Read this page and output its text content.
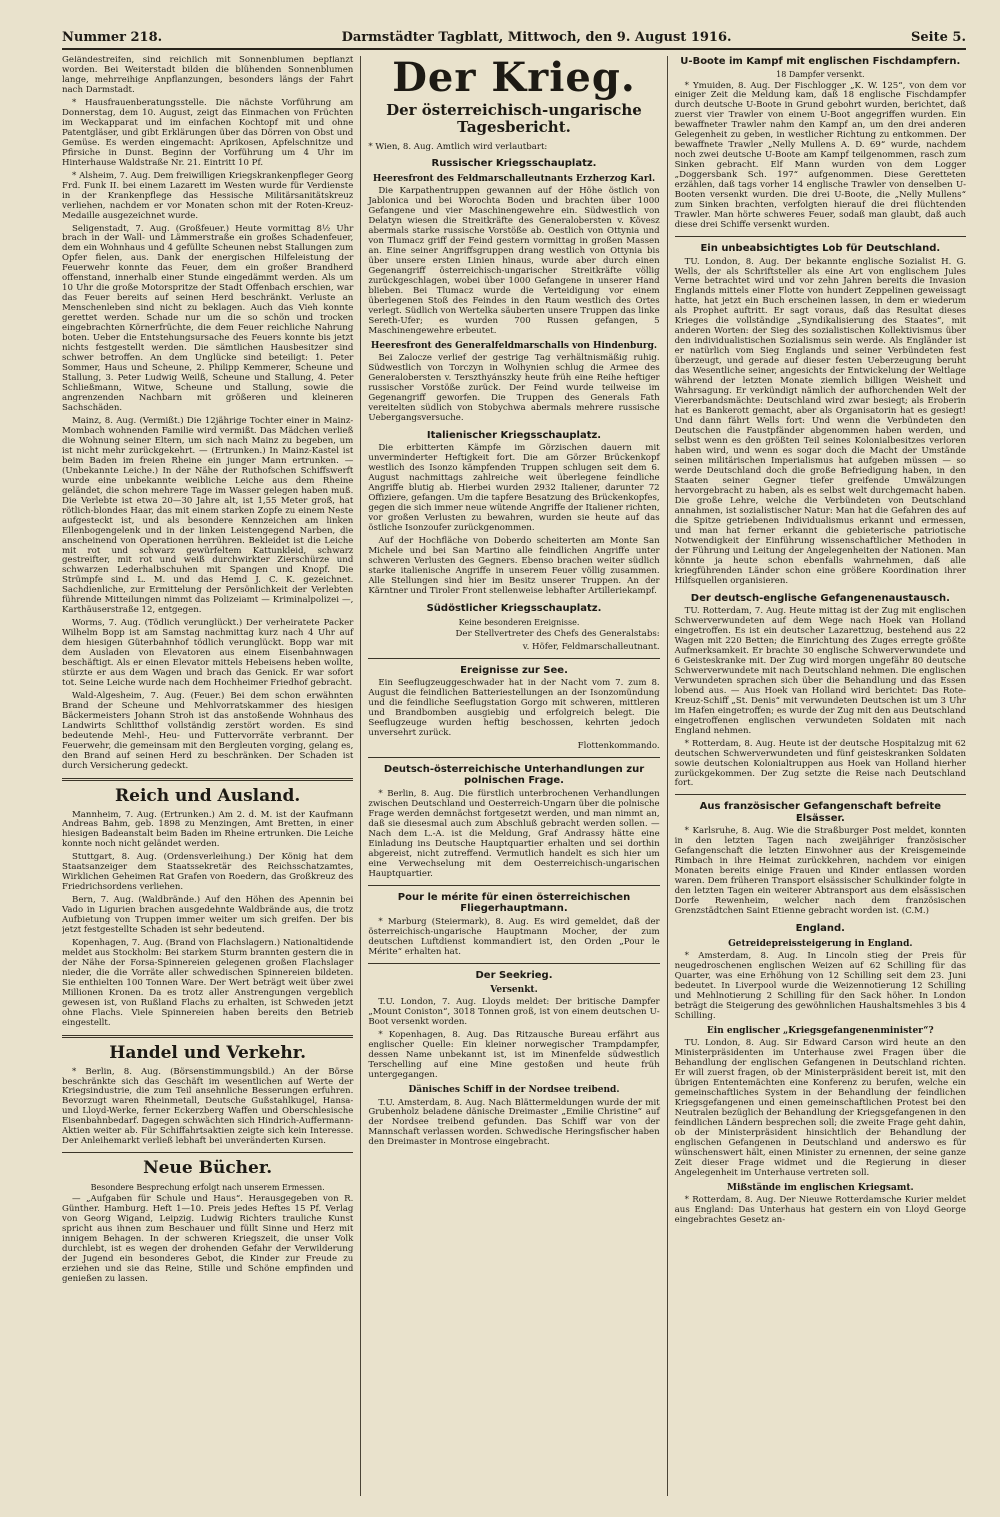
Nummer 218.	Darmstädter Tagblatt, Mittwoch, den 9. August 1916.	Seite 5.

Geländestreifen, sind reichlich mit Sonnenblumen bepflanzt worden. Bei Weiterstadt bilden die blühenden Sonnenblumen lange, mehrreihige Anpflanzungen, besonders längs der Fahrt nach Darmstadt.

* Hausfrauenberatungsstelle. Die nächste Vorführung am Donnerstag, dem 10. August, zeigt das Einmachen von Früchten im Weckapparat und im einfachen Kochtopf mit und ohne Patentgläser, und gibt Erklärungen über das Dörren von Obst und Gemüse. Es werden eingemacht: Aprikosen, Apfelschnitze und Pfirsiche in Dunst. Beginn der Vorführung um 4 Uhr im Hinterhause Waldstraße Nr. 21. Eintritt 10 Pf.

* Alsheim, 7. Aug. Dem freiwilligen Kriegskrankenpfleger Georg Frd. Funk II. bei einem Lazarett im Westen wurde für Verdienste in der Krankenpflege das Hessische Militärsanitätskreuz verliehen, nachdem er vor Monaten schon mit der Roten-Kreuz-Medaille ausgezeichnet wurde.

Seligenstadt, 7. Aug. (Großfeuer.) Heute vormittag 8½ Uhr brach in der Wall- und Lämmerstraße ein großes Schadenfeuer, dem ein Wohnhaus und 4 gefüllte Scheunen nebst Stallungen zum Opfer fielen, aus. Dank der energischen Hilfeleistung der Feuerwehr konnte das Feuer, dem ein großer Brandherd offenstand, innerhalb einer Stunde eingedämmt werden. Als um 10 Uhr die große Motorspritze der Stadt Offenbach erschien, war das Feuer bereits auf seinen Herd beschränkt. Verluste an Menschenleben sind nicht zu beklagen. Auch das Vieh konnte gerettet werden. Schade nur um die so schön und trocken eingebrachten Körnerfrüchte, die dem Feuer reichliche Nahrung boten. Ueber die Entstehungsursache des Feuers konnte bis jetzt nichts festgestellt werden. Die sämtlichen Hausbesitzer sind schwer betroffen. An dem Unglücke sind beteiligt: 1. Peter Sommer, Haus und Scheune, 2. Philipp Kemmerer, Scheune und Stallung, 3. Peter Ludwig Weilß, Scheune und Stallung, 4. Peter Schließmann, Witwe, Scheune und Stallung, sowie die angrenzenden Nachbarn mit größeren und kleineren Sachschäden.

Mainz, 8. Aug. (Vermißt.) Die 12jährige Tochter einer in Mainz-Mombach wohnenden Familie wird vermißt. Das Mädchen verließ die Wohnung seiner Eltern, um sich nach Mainz zu begeben, um ist nicht mehr zurückgekehrt. — (Ertrunken.) In Mainz-Kastel ist beim Baden im freien Rheine ein junger Mann ertrunken. — (Unbekannte Leiche.) In der Nähe der Ruthofschen Schiffswerft wurde eine unbekannte weibliche Leiche aus dem Rheine geländet, die schon mehrere Tage im Wasser gelegen haben muß. Die Verlebte ist etwa 20—30 Jahre alt, ist 1,55 Meter groß, hat rötlich-blondes Haar, das mit einem starken Zopfe zu einem Neste aufgesteckt ist, und als besondere Kennzeichen am linken Ellenbogengelenk und in der linken Leistengegend Narben, die anscheinend von Operationen herrühren. Bekleidet ist die Leiche mit rot und schwarz gewürfeltem Kattunkleid, schwarz gestreifter, mit rot und weiß durchwirkter Zierschürze und schwarzen Lederhalbschuhen mit Spangen und Knopf. Die Strümpfe sind L. M. und das Hemd J. C. K. gezeichnet. Sachdienliche, zur Ermittelung der Persönlichkeit der Verlebten führende Mitteilungen nimmt das Polizeiamt — Kriminalpolizei —, Karthäuserstraße 12, entgegen.

Worms, 7. Aug. (Tödlich verunglückt.) Der verheiratete Packer Wilhelm Bopp ist am Samstag nachmittag kurz nach 4 Uhr auf dem hiesigen Güterbahnhof tödlich verunglückt. Bopp war mit dem Ausladen von Elevatoren aus einem Eisenbahnwagen beschäftigt. Als er einen Elevator mittels Hebeisens heben wollte, stürzte er aus dem Wagen und brach das Genick. Er war sofort tot. Seine Leiche wurde nach dem Hochheimer Friedhof gebracht.

Wald-Algesheim, 7. Aug. (Feuer.) Bei dem schon erwähnten Brand der Scheune und Mehlvorratskammer des hiesigen Bäckermeisters Johann Stroh ist das anstoßende Wohnhaus des Landwirts Schlitthof vollständig zerstört worden. Es sind bedeutende Mehl-, Heu- und Futtervorräte verbrannt. Der Feuerwehr, die gemeinsam mit den Bergleuten vorging, gelang es, den Brand auf seinen Herd zu beschränken. Der Schaden ist durch Versicherung gedeckt.

Reich und Ausland.

Mannheim, 7. Aug. (Ertrunken.) Am 2. d. M. ist der Kaufmann Andreas Bahm, geb. 1898 zu Menzingen, Amt Bretten, in einer hiesigen Badeanstalt beim Baden im Rheine ertrunken. Die Leiche konnte noch nicht geländet werden.

Stuttgart, 8. Aug. (Ordensverleihung.) Der König hat dem Staatsanzeiger dem Staatssekretär des Reichsschatzamtes, Wirklichen Geheimen Rat Grafen von Roedern, das Großkreuz des Friedrichsordens verliehen.

Bern, 7. Aug. (Waldbrände.) Auf den Höhen des Apennin bei Vado in Ligurien brachen ausgedehnte Waldbrände aus, die trotz Aufbietung von Truppen immer weiter um sich greifen. Der bis jetzt festgestellte Schaden ist sehr bedeutend.

Kopenhagen, 7. Aug. (Brand von Flachslagern.) Nationaltidende meldet aus Stockholm: Bei starkem Sturm brannten gestern die in der Nähe der Forsa-Spinnereien gelegenen großen Flachslager nieder, die die Vorräte aller schwedischen Spinnereien bildeten. Sie enthielten 100 Tonnen Ware. Der Wert beträgt weit über zwei Millionen Kronen. Da es trotz aller Anstrengungen vergeblich gewesen ist, von Rußland Flachs zu erhalten, ist Schweden jetzt ohne Flachs. Viele Spinnereien haben bereits den Betrieb eingestellt.

Handel und Verkehr.

* Berlin, 8. Aug. (Börsenstimmungsbild.) An der Börse beschränkte sich das Geschäft im wesentlichen auf Werte der Kriegsindustrie, die zum Teil ansehnliche Besserungen erfuhren. Bevorzugt waren Rheinmetall, Deutsche Gußstahlkugel, Hansa- und Lloyd-Werke, ferner Eckerzberg Waffen und Oberschlesische Eisenbahnbedarf. Dagegen schwächten sich Hindrich-Auffermann-Aktien weiter ab. Für Schiffahrtsaktien zeigte sich kein Interesse. Der Anleihemarkt verließ lebhaft bei unveränderten Kursen.

Neue Bücher.
Besondere Besprechung erfolgt nach unserem Ermessen.

— „Aufgaben für Schule und Haus“. Herausgegeben von R. Günther. Hamburg. Heft 1—10. Preis jedes Heftes 15 Pf. Verlag von Georg Wigand, Leipzig. Ludwig Richters trauliche Kunst spricht aus ihnen zum Beschauer und füllt Sinne und Herz mit innigem Behagen. In der schweren Kriegszeit, die unser Volk durchlebt, ist es wegen der drohenden Gefahr der Verwilderung der Jugend ein besonderes Gebot, die Kinder zur Freude zu erziehen und sie das Reine, Stille und Schöne empfinden und genießen zu lassen.

Der Krieg.
Der österreichisch-ungarische Tagesbericht.

* Wien, 8. Aug. Amtlich wird verlautbart:

Russischer Kriegsschauplatz.
Heeresfront des Feldmarschalleutnants Erzherzog Karl.

Die Karpathentruppen gewannen auf der Höhe östlich von Jablonica und bei Worochta Boden und brachten über 1000 Gefangene und vier Maschinengewehre ein. Südwestlich von Delatyn wiesen die Streitkräfte des Generalobersten v. Kövesz abermals starke russische Vorstöße ab. Oestlich von Ottynia und von Tlumacz griff der Feind gestern vormittag in großen Massen an. Eine seiner Angriffsgruppen drang westlich von Ottynia bis über unsere ersten Linien hinaus, wurde aber durch einen Gegenangriff österreichisch-ungarischer Streitkräfte völlig zurückgeschlagen, wobei über 1000 Gefangene in unserer Hand blieben. Bei Tlumacz wurde die Verteidigung vor einem überlegenen Stoß des Feindes in den Raum westlich des Ortes verlegt. Südlich von Wertelka säuberten unsere Truppen das linke Sereth-Ufer; es wurden 700 Russen gefangen, 5 Maschinengewehre erbeutet.

Heeresfront des Generalfeldmarschalls von Hindenburg.

Bei Zalocze verlief der gestrige Tag verhältnismäßig ruhig. Südwestlich von Torczyn in Wolhynien schlug die Armee des Generalobersten v. Terszthyánszky heute früh eine Reihe heftiger russischer Vorstöße zurück. Der Feind wurde teilweise im Gegenangriff geworfen. Die Truppen des Generals Fath vereitelten südlich von Stobychwa abermals mehrere russische Uebergangsversuche.

Italienischer Kriegsschauplatz.

Die erbitterten Kämpfe im Görzischen dauern mit unverminderter Heftigkeit fort. Die am Görzer Brückenkopf westlich des Isonzo kämpfenden Truppen schlugen seit dem 6. August nachmittags zahlreiche weit überlegene feindliche Angriffe blutig ab. Hierbei wurden 2932 Italiener, darunter 72 Offiziere, gefangen. Um die tapfere Besatzung des Brückenkopfes, gegen die sich immer neue wütende Angriffe der Italiener richten, vor großen Verlusten zu bewahren, wurden sie heute auf das östliche Isonzoufer zurückgenommen.

Auf der Hochfläche von Doberdo scheiterten am Monte San Michele und bei San Martino alle feindlichen Angriffe unter schweren Verlusten des Gegners. Ebenso brachen weiter südlich starke italienische Angriffe in unserem Feuer völlig zusammen. Alle Stellungen sind hier im Besitz unserer Truppen. An der Kärntner und Tiroler Front stellenweise lebhafter Artilleriekampf.

Südöstlicher Kriegsschauplatz.

Keine besonderen Ereignisse.

Der Stellvertreter des Chefs des Generalstabs:

v. Höfer, Feldmarschalleutnant.

Ereignisse zur See.

Ein Seeflugzeuggeschwader hat in der Nacht vom 7. zum 8. August die feindlichen Batteriestellungen an der Isonzomündung und die feindliche Seeflugstation Gorgo mit schweren, mittleren und Brandbomben ausgiebig und erfolgreich belegt. Die Seeflugzeuge wurden heftig beschossen, kehrten jedoch unversehrt zurück.

Flottenkommando.

Deutsch-österreichische Unterhandlungen zur polnischen Frage.

* Berlin, 8. Aug. Die fürstlich unterbrochenen Verhandlungen zwischen Deutschland und Oesterreich-Ungarn über die polnische Frage werden demnächst fortgesetzt werden, und man nimmt an, daß sie diesesmal auch zum Abschluß gebracht werden sollen. — Nach dem L.-A. ist die Meldung, Graf Andrassy hätte eine Einladung ins Deutsche Hauptquartier erhalten und sei dorthin abgereist, nicht zutreffend. Vermutlich handelt es sich hier um eine Verwechselung mit dem Oesterreichisch-ungarischen Hauptquartier.

Pour le mérite für einen österreichischen Fliegerhauptmann.

* Marburg (Steiermark), 8. Aug. Es wird gemeldet, daß der österreichisch-ungarische Hauptmann Mocher, der zum deutschen Luftdienst kommandiert ist, den Orden „Pour le Mérite“ erhalten hat.

Der Seekrieg.
Versenkt.

T.U. London, 7. Aug. Lloyds meldet: Der britische Dampfer „Mount Coniston“, 3018 Tonnen groß, ist von einem deutschen U-Boot versenkt worden.

* Kopenhagen, 8. Aug. Das Ritzausche Bureau erfährt aus englischer Quelle: Ein kleiner norwegischer Trampdampfer, dessen Name unbekannt ist, ist im Minenfelde südwestlich Terschelling auf eine Mine gestoßen und heute früh untergegangen.

Dänisches Schiff in der Nordsee treibend.

T.U. Amsterdam, 8. Aug. Nach Blättermeldungen wurde der mit Grubenholz beladene dänische Dreimaster „Emilie Christine“ auf der Nordsee treibend gefunden. Das Schiff war von der Mannschaft verlassen worden. Schwedische Heringsfischer haben den Dreimaster in Montrose eingebracht.

U-Boote im Kampf mit englischen Fischdampfern.
18 Dampfer versenkt.

* Ymuiden, 8. Aug. Der Fischlogger „K. W. 125“, von dem vor einiger Zeit die Meldung kam, daß 18 englische Fischdampfer durch deutsche U-Boote in Grund gebohrt wurden, berichtet, daß zuerst vier Trawler von einem U-Boot angegriffen wurden. Ein bewaffneter Trawler nahm den Kampf an, um den drei anderen Gelegenheit zu geben, in westlicher Richtung zu entkommen. Der bewaffnete Trawler „Nelly Mullens A. D. 69“ wurde, nachdem noch zwei deutsche U-Boote am Kampf teilgenommen, rasch zum Sinken gebracht. Elf Mann wurden von dem Logger „Doggersbank Sch. 197“ aufgenommen. Diese Geretteten erzählen, daß tags vorher 14 englische Trawler von denselben U-Booten versenkt wurden. Die drei U-Boote, die „Nelly Mullens“ zum Sinken brachten, verfolgten hierauf die drei flüchtenden Trawler. Man hörte schweres Feuer, sodaß man glaubt, daß auch diese drei Schiffe versenkt wurden.

Ein unbeabsichtigtes Lob für Deutschland.

TU. London, 8. Aug. Der bekannte englische Sozialist H. G. Wells, der als Schriftsteller als eine Art von englischem Jules Verne betrachtet wird und vor zehn Jahren bereits die Invasion Englands mittels einer Flotte von hundert Zeppelinen geweissagt hatte, hat jetzt ein Buch erscheinen lassen, in dem er wiederum als Prophet auftritt. Er sagt voraus, daß das Resultat dieses Krieges die vollständige „Syndikalisierung des Staates“, mit anderen Worten: der Sieg des sozialistischen Kollektivismus über den individualistischen Sozialismus sein werde. Als Engländer ist er natürlich vom Sieg Englands und seiner Verbündeten fest überzeugt, und gerade auf dieser festen Ueberzeugung beruht das Wesentliche seiner, angesichts der Entwickelung der Weltlage während der letzten Monate ziemlich billigen Weisheit und Wahrsagung. Er verkündigt nämlich der aufhorchenden Welt der Viererbandsmächte: Deutschland wird zwar besiegt; als Eroberin hat es Bankerott gemacht, aber als Organisatorin hat es gesiegt! Und dann fährt Wells fort: Und wenn die Verbündeten den Deutschen die Faustpfänder abgenommen haben werden, und selbst wenn es den größten Teil seines Kolonialbesitzes verloren haben wird, und wenn es sogar doch die Macht der Umstände seinen militärischen Imperialismus hat aufgeben müssen — so werde Deutschland doch die große Befriedigung haben, in den Staaten seiner Gegner tiefer greifende Umwälzungen hervorgebracht zu haben, als es selbst welt durchgemacht haben. Die große Lehre, welche die Verbündeten von Deutschland annahmen, ist sozialistischer Natur: Man hat die Gefahren des auf die Spitze getriebenen Individualismus erkannt und ermessen, und man hat ferner erkannt die gebieterische patriotische Notwendigkeit der Einführung wissenschaftlicher Methoden in der Führung und Leitung der Angelegenheiten der Nationen. Man könnte ja heute schon ebenfalls wahrnehmen, daß alle kriegführenden Länder schon eine größere Koordination ihrer Hilfsquellen organisieren.

Der deutsch-englische Gefangenenaustausch.

TU. Rotterdam, 7. Aug. Heute mittag ist der Zug mit englischen Schwerverwundeten auf dem Wege nach Hoek van Holland eingetroffen. Es ist ein deutscher Lazarettzug, bestehend aus 22 Wagen mit 220 Betten; die Einrichtung des Zuges erregte größte Aufmerksamkeit. Er brachte 30 englische Schwerverwundete und 6 Geisteskranke mit. Der Zug wird morgen ungefähr 80 deutsche Schwerverwundete mit nach Deutschland nehmen. Die englischen Verwundeten sprachen sich über die Behandlung und das Essen lobend aus. — Aus Hoek van Holland wird berichtet: Das Rote-Kreuz-Schiff „St. Denis“ mit verwundeten Deutschen ist um 3 Uhr im Hafen eingetroffen; es wurde der Zug mit den aus Deutschland eingetroffenen englischen verwundeten Soldaten mit nach England nehmen.

* Rotterdam, 8. Aug. Heute ist der deutsche Hospitalzug mit 62 deutschen Schwerverwundeten und fünf geisteskranken Soldaten sowie deutschen Kolonialtruppen aus Hoek van Holland hierher zurückgekommen. Der Zug setzte die Reise nach Deutschland fort.

Aus französischer Gefangenschaft befreite Elsässer.

* Karlsruhe, 8. Aug. Wie die Straßburger Post meldet, konnten in den letzten Tagen nach zweijähriger französischer Gefangenschaft die letzten Einwohner aus der Kreisgemeinde Rimbach in ihre Heimat zurückkehren, nachdem vor einigen Monaten bereits einige Frauen und Kinder entlassen worden waren. Dem früheren Transport elsässischer Schulkinder folgte in den letzten Tagen ein weiterer Abtransport aus dem elsässischen Dorfe Rewenheim, welcher nach dem französischen Grenzstädtchen Saint Etienne gebracht worden ist. (C.M.)

England.
Getreidepreissteigerung in England.

* Amsterdam, 8. Aug. In Lincoln stieg der Preis für neugedroschenen englischen Weizen auf 62 Schilling für das Quarter, was eine Erhöhung von 12 Schilling seit dem 23. Juni bedeutet. In Liverpool wurde die Weizennotierung 12 Schilling und Mehlnotierung 2 Schilling für den Sack höher. In London beträgt die Steigerung des gewöhnlichen Haushaltsmehles 3 bis 4 Schilling.

Ein englischer „Kriegsgefangenenminister“?

TU. London, 8. Aug. Sir Edward Carson wird heute an den Ministerpräsidenten im Unterhause zwei Fragen über die Behandlung der englischen Gefangenen in Deutschland richten. Er will zuerst fragen, ob der Ministerpräsident bereit ist, mit den übrigen Ententemächten eine Konferenz zu berufen, welche ein gemeinschaftliches System in der Behandlung der feindlichen Kriegsgefangenen und einen gemeinschaftlichen Protest bei den Neutralen bezüglich der Behandlung der Kriegsgefangenen in den feindlichen Ländern besprechen soll; die zweite Frage geht dahin, ob der Ministerpräsident hinsichtlich der Behandlung der englischen Gefangenen in Deutschland und anderswo es für wünschenswert hält, einen Minister zu ernennen, der seine ganze Zeit dieser Frage widmet und die Regierung in dieser Angelegenheit im Unterhause vertreten soll.

Mißstände im englischen Kriegsamt.

* Rotterdam, 8. Aug. Der Nieuwe Rotterdamsche Kurier meldet aus England: Das Unterhaus hat gestern ein von Lloyd George eingebrachtes Gesetz an-
